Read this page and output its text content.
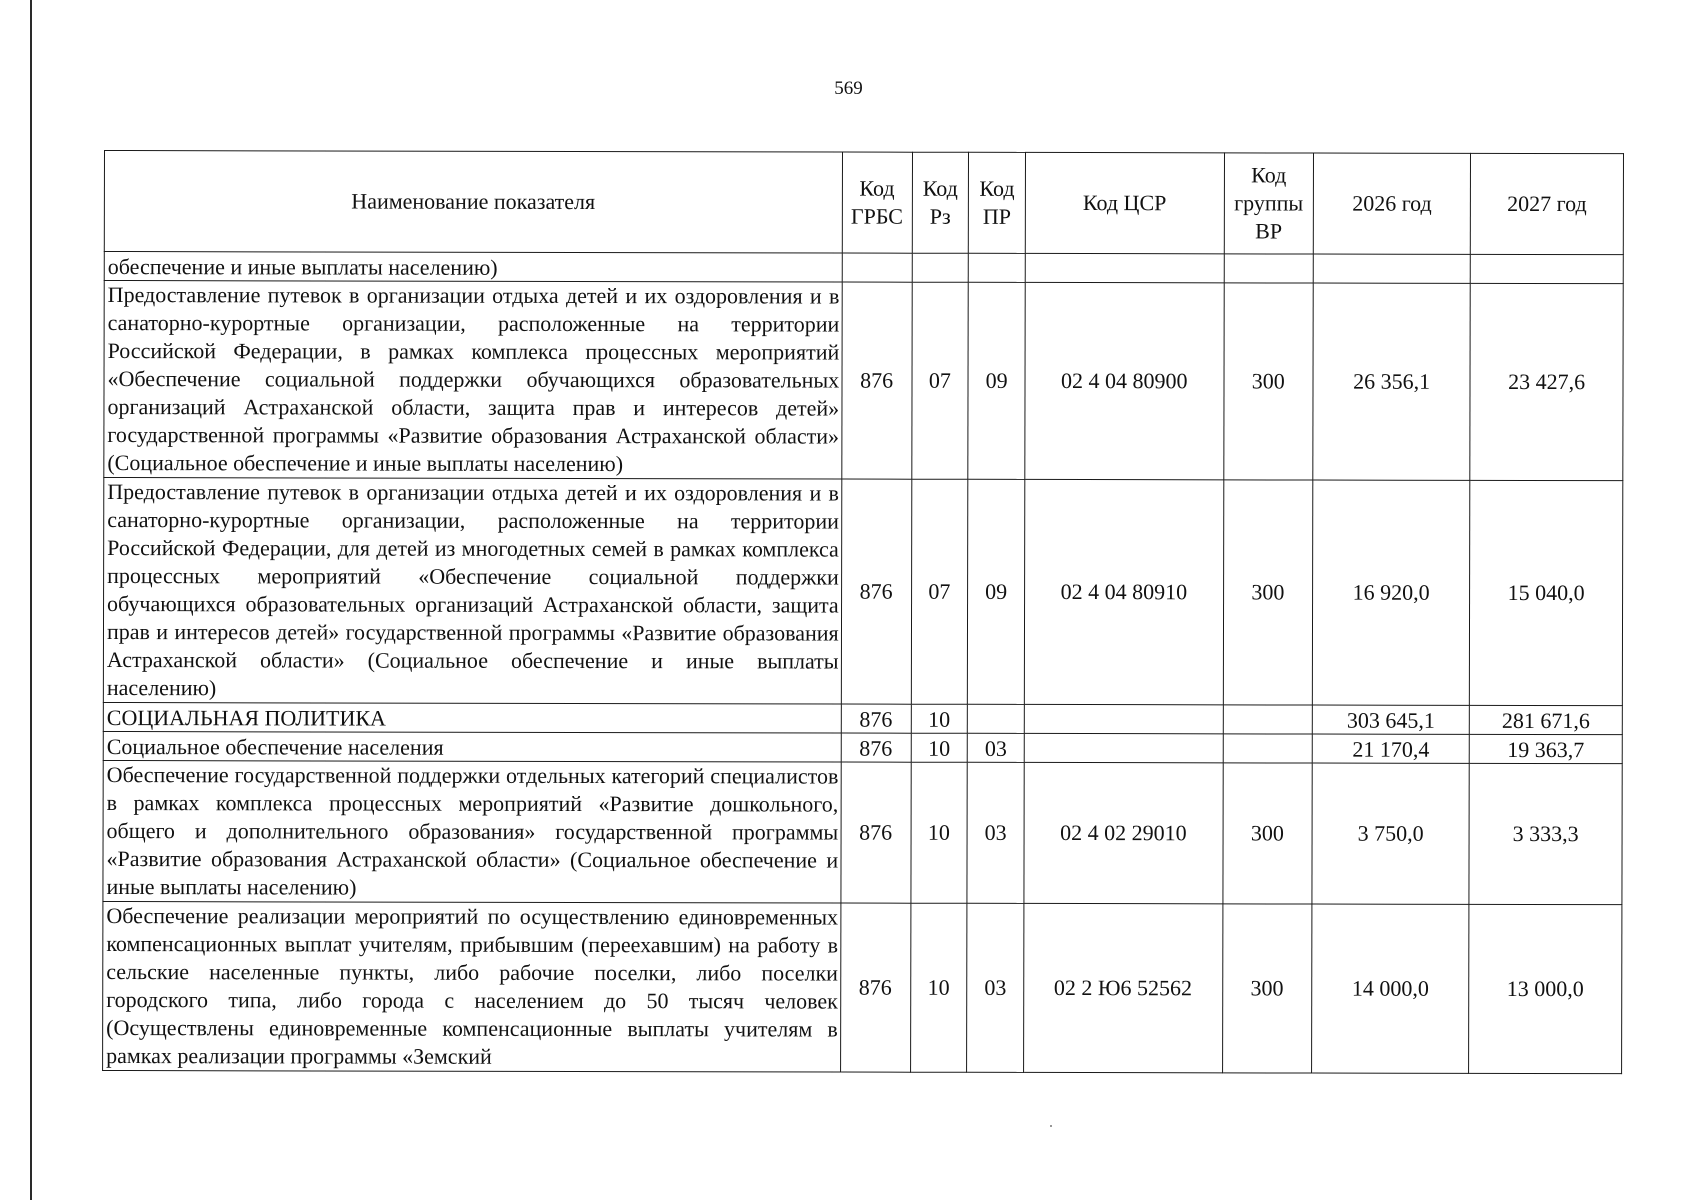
569
Наименование показателя	Код ГРБС	Код Рз	Код ПР	Код ЦСР	Код группы ВР	2026 год	2027 год
обеспечение и иные выплаты населению)							
Предоставление путевок в организации отдыха детей и их оздоровления и в санаторно-курортные организации, расположенные на территории Российской Федерации, в рамках комплекса процессных мероприятий «Обеспечение социальной поддержки обучающихся образовательных организаций Астраханской области, защита прав и интересов детей» государственной программы «Развитие образования Астраханской области» (Социальное обеспечение и иные выплаты населению)	876	07	09	02 4 04 80900	300	26 356,1	23 427,6
Предоставление путевок в организации отдыха детей и их оздоровления и в санаторно-курортные организации, расположенные на территории Российской Федерации, для детей из многодетных семей в рамках комплекса процессных мероприятий «Обеспечение социальной поддержки обучающихся образовательных организаций Астраханской области, защита прав и интересов детей» государственной программы «Развитие образования Астраханской области» (Социальное обеспечение и иные выплаты населению)	876	07	09	02 4 04 80910	300	16 920,0	15 040,0
СОЦИАЛЬНАЯ ПОЛИТИКА	876	10				303 645,1	281 671,6
Социальное обеспечение населения	876	10	03			21 170,4	19 363,7
Обеспечение государственной поддержки отдельных категорий специалистов в рамках комплекса процессных мероприятий «Развитие дошкольного, общего и дополнительного образования» государственной программы «Развитие образования Астраханской области» (Социальное обеспечение и иные выплаты населению)	876	10	03	02 4 02 29010	300	3 750,0	3 333,3
Обеспечение реализации мероприятий по осуществлению единовременных компенсационных выплат учителям, прибывшим (переехавшим) на работу в сельские населенные пункты, либо рабочие поселки, либо поселки городского типа, либо города с населением до 50 тысяч человек (Осуществлены единовременные компенсационные выплаты учителям в рамках реализации программы «Земский	876	10	03	02 2 Ю6 52562	300	14 000,0	13 000,0
